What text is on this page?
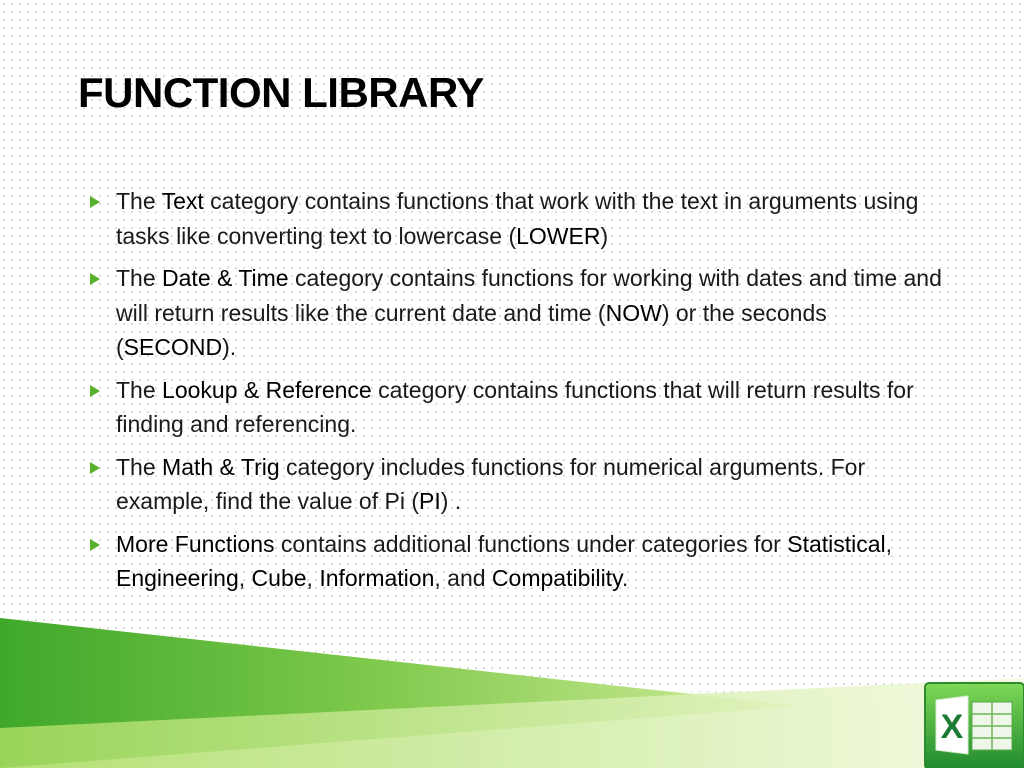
FUNCTION LIBRARY
The Text category contains functions that work with the text in arguments using tasks like converting text to lowercase (LOWER)
The Date & Time category contains functions for working with dates and time and will return results like the current date and time (NOW) or the seconds (SECOND).
The Lookup & Reference category contains functions that will return results for finding and referencing.
The Math & Trig category includes functions for numerical arguments. For example, find the value of Pi (PI) .
More Functions contains additional functions under categories for Statistical, Engineering, Cube, Information, and Compatibility.
X
